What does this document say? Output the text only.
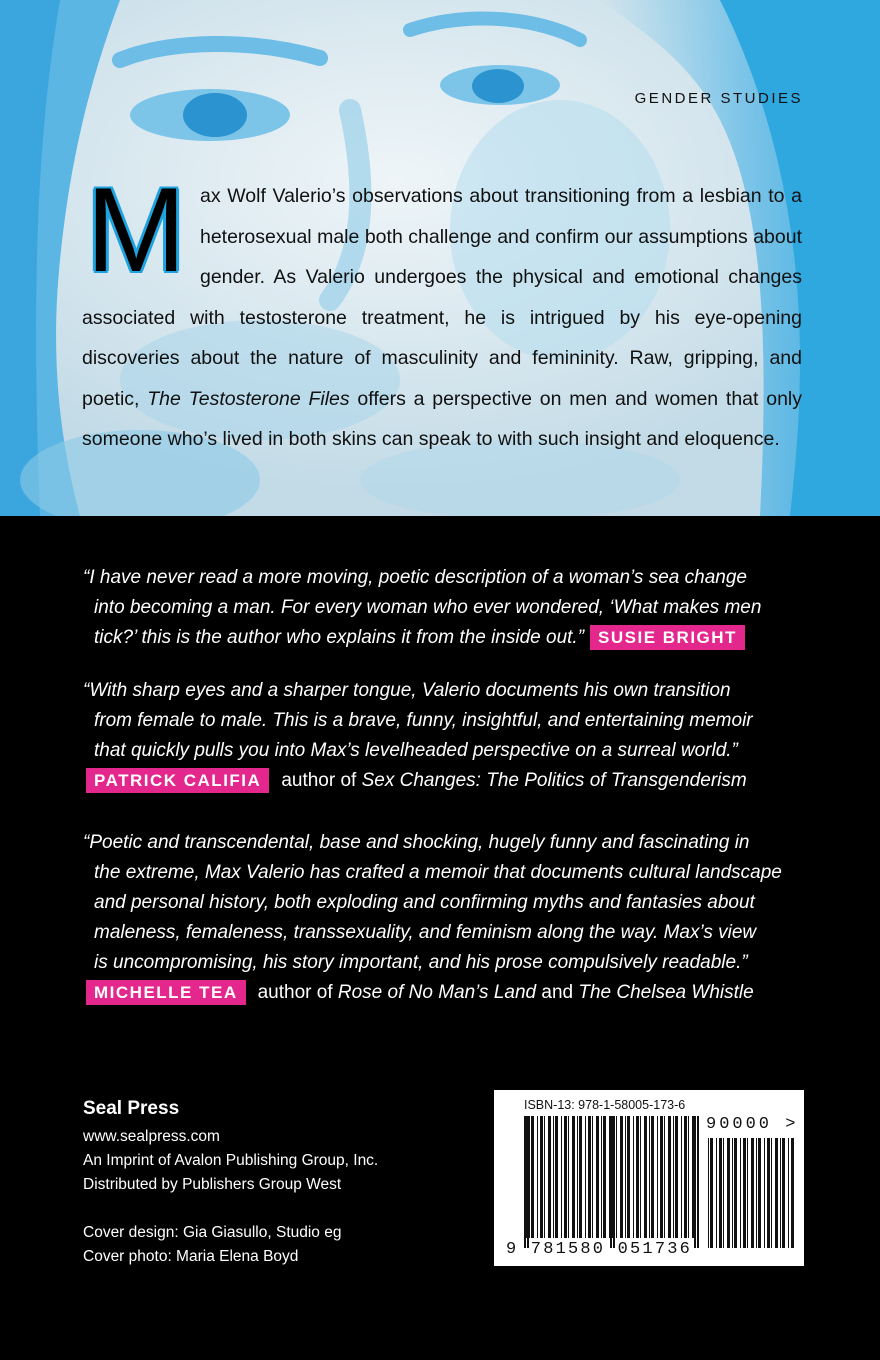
GENDER STUDIES
Max Wolf Valerio’s observations about transitioning from a lesbian to a heterosexual male both challenge and confirm our assumptions about gender. As Valerio undergoes the physical and emotional changes associated with testosterone treatment, he is intrigued by his eye-opening discoveries about the nature of masculinity and femininity. Raw, gripping, and poetic, The Testosterone Files offers a perspective on men and women that only someone who’s lived in both skins can speak to with such insight and eloquence.
“I have never read a more moving, poetic description of a woman’s sea change
into becoming a man. For every woman who ever wondered, ‘What makes men
tick?’ this is the author who explains it from the inside out.” SUSIE BRIGHT
“With sharp eyes and a sharper tongue, Valerio documents his own transition
from female to male. This is a brave, funny, insightful, and entertaining memoir
that quickly pulls you into Max’s levelheaded perspective on a surreal world.”
PATRICK CALIFIA author of Sex Changes: The Politics of Transgenderism
“Poetic and transcendental, base and shocking, hugely funny and fascinating in
the extreme, Max Valerio has crafted a memoir that documents cultural landscape
and personal history, both exploding and confirming myths and fantasies about
maleness, femaleness, transsexuality, and feminism along the way. Max’s view
is uncompromising, his story important, and his prose compulsively readable.”
MICHELLE TEA author of Rose of No Man’s Land and The Chelsea Whistle
Seal Press
www.sealpress.com
An Imprint of Avalon Publishing Group, Inc.
Distributed by Publishers Group West
Cover design: Gia Giasullo, Studio eg
Cover photo: Maria Elena Boyd
ISBN-13: 978-1-58005-173-6
90000 >
9 781580 051736
